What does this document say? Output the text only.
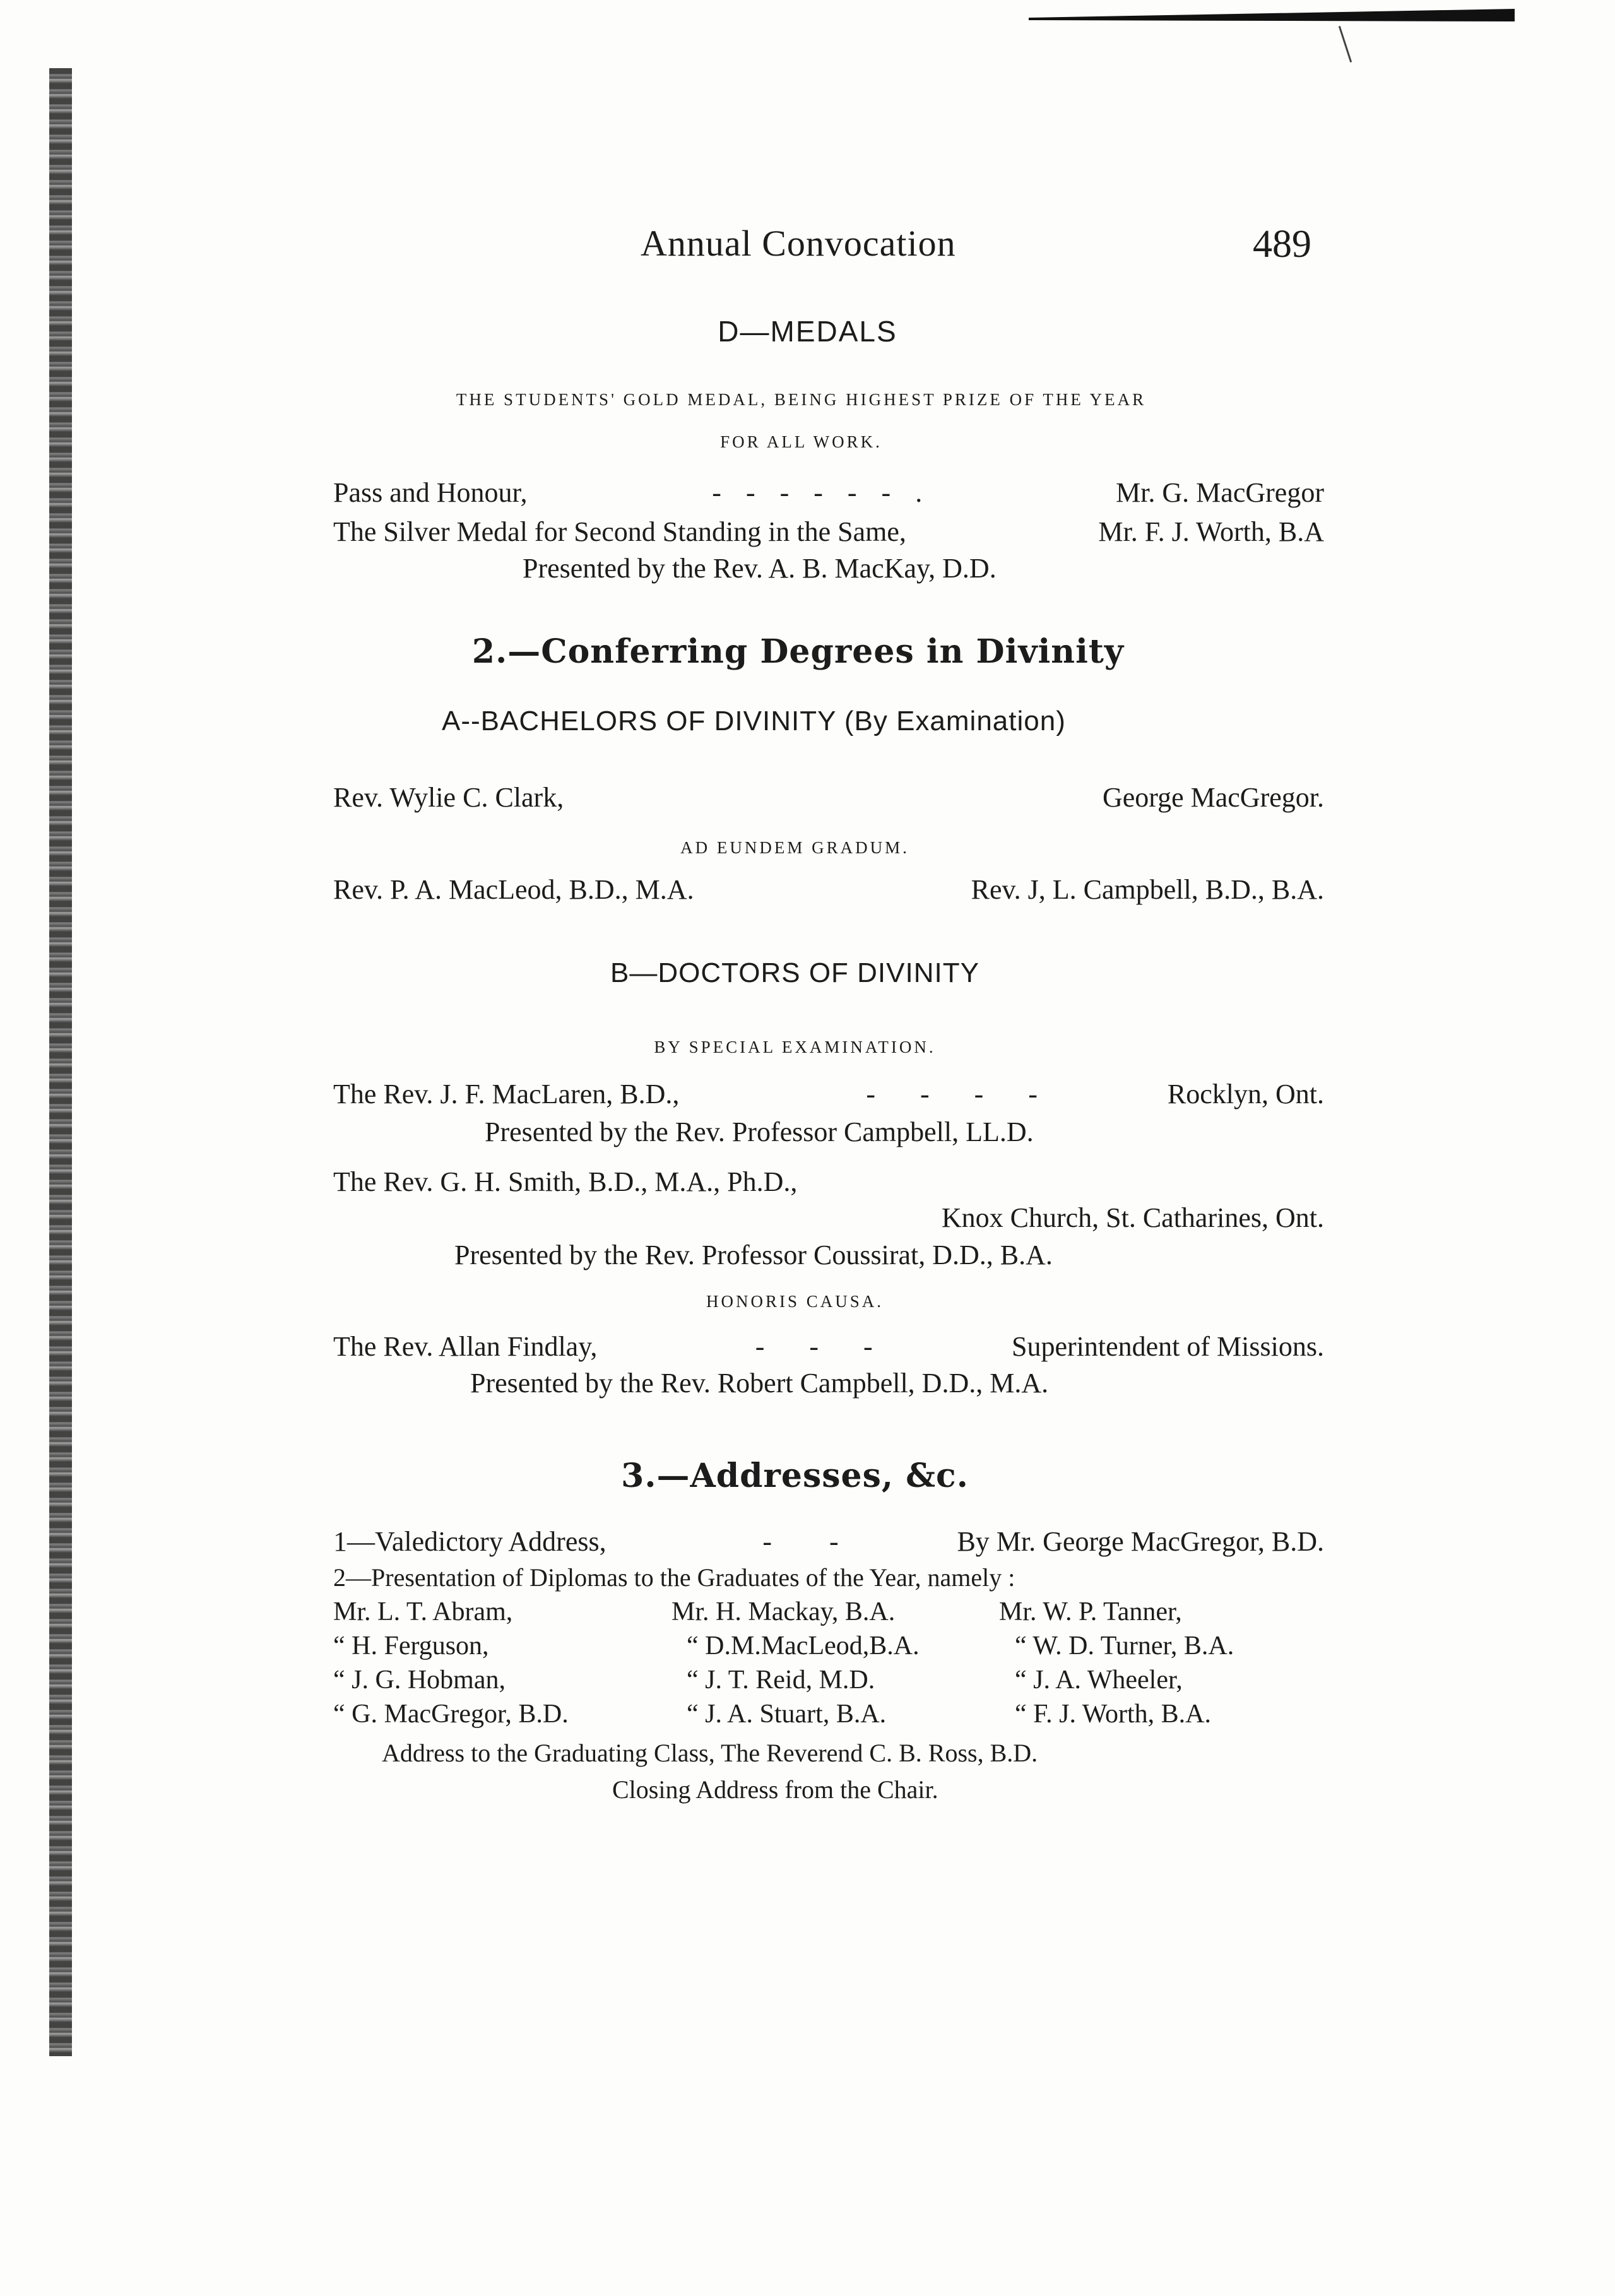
Annual Convocation	489
D—MEDALS
THE STUDENTS' GOLD MEDAL, BEING HIGHEST PRIZE OF THE YEAR
FOR ALL WORK.
Pass and Honour,	- - - - - - .	Mr. G. MacGregor
The Silver Medal for Second Standing in the Same,	Mr. F. J. Worth, B.A
Presented by the Rev. A. B. MacKay, D.D.
2.—Conferring Degrees in Divinity
A--BACHELORS OF DIVINITY (By Examination)
Rev. Wylie C. Clark,	George MacGregor.
AD EUNDEM GRADUM.
Rev. P. A. MacLeod, B.D., M.A.	Rev. J, L. Campbell, B.D., B.A.
B—DOCTORS OF DIVINITY
BY SPECIAL EXAMINATION.
The Rev. J. F. MacLaren, B.D.,	- - - -	Rocklyn, Ont.
Presented by the Rev. Professor Campbell, LL.D.
The Rev. G. H. Smith, B.D., M.A., Ph.D.,
Knox Church, St. Catharines, Ont.
Presented by the Rev. Professor Coussirat, D.D., B.A.
HONORIS CAUSA.
The Rev. Allan Findlay,	- - -	Superintendent of Missions.
Presented by the Rev. Robert Campbell, D.D., M.A.
3.—Addresses, &c.
1—Valedictory Address,	- -	By Mr. George MacGregor, B.D.
2—Presentation of Diplomas to the Graduates of the Year, namely :
Mr. L. T. Abram,	Mr. H. Mackay, B.A.	Mr. W. P. Tanner,
“ H. Ferguson,	“ D.M.MacLeod,B.A.	“ W. D. Turner, B.A.
“ J. G. Hobman,	“ J. T. Reid, M.D.	“ J. A. Wheeler,
“ G. MacGregor, B.D.	“ J. A. Stuart, B.A.	“ F. J. Worth, B.A.
Address to the Graduating Class, The Reverend C. B. Ross, B.D.
Closing Address from the Chair.
